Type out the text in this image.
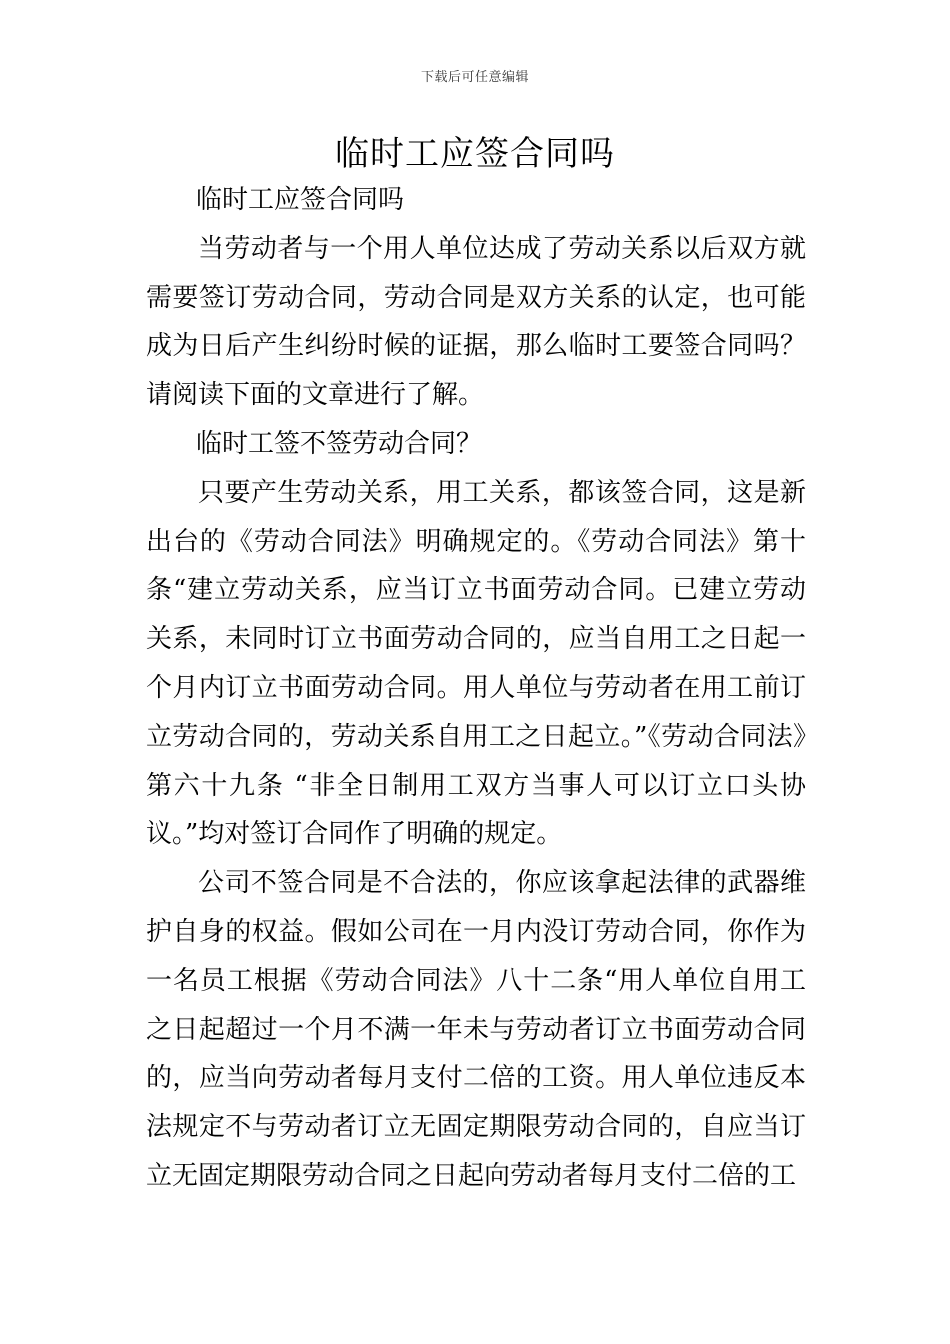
下载后可任意编辑
临时工应签合同吗

临时工应签合同吗

当劳动者与一个用人单位达成了劳动关系以后双方就需要签订劳动合同，劳动合同是双方关系的认定，也可能成为日后产生纠纷时候的证据，那么临时工要签合同吗？请阅读下面的文章进行了解。

临时工签不签劳动合同？

只要产生劳动关系，用工关系，都该签合同，这是新出台的《劳动合同法》明确规定的。《劳动合同法》第十条“建立劳动关系，应当订立书面劳动合同。已建立劳动关系，未同时订立书面劳动合同的，应当自用工之日起一个月内订立书面劳动合同。用人单位与劳动者在用工前订立劳动合同的，劳动关系自用工之日起立。”《劳动合同法》第六十九条 “非全日制用工双方当事人可以订立口头协议。”均对签订合同作了明确的规定。

公司不签合同是不合法的，你应该拿起法律的武器维护自身的权益。假如公司在一月内没订劳动合同，你作为一名员工根据《劳动合同法》八十二条“用人单位自用工之日起超过一个月不满一年未与劳动者订立书面劳动合同的，应当向劳动者每月支付二倍的工资。用人单位违反本法规定不与劳动者订立无固定期限劳动合同的，自应当订立无固定期限劳动合同之日起向劳动者每月支付二倍的工
